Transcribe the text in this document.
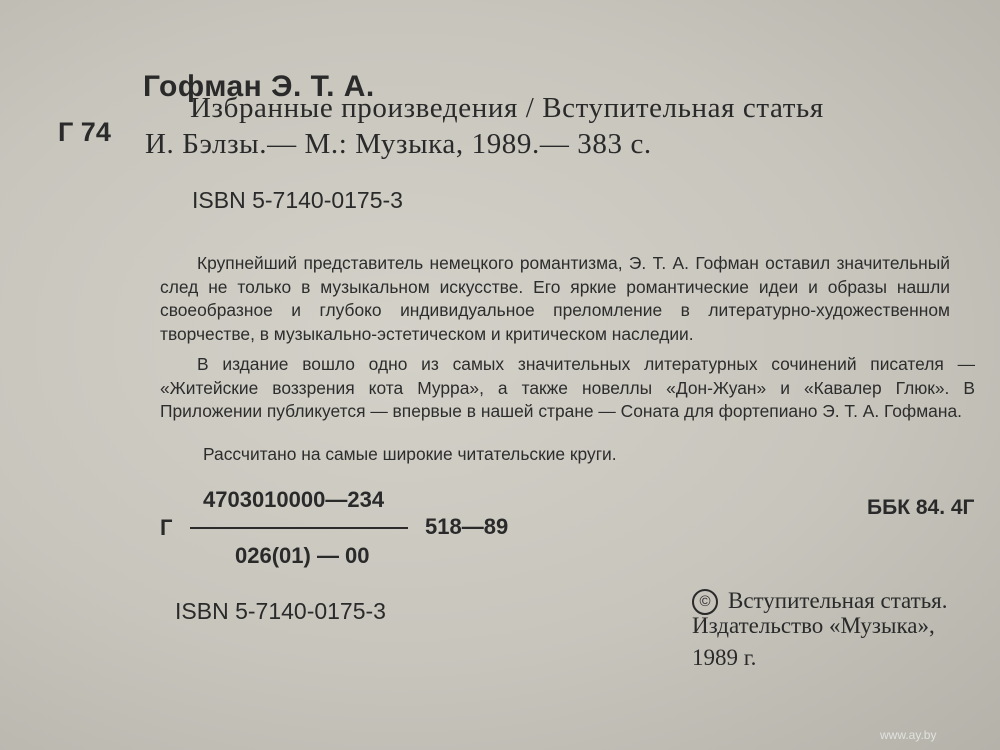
Гофман Э. Т. А.
Г 74
Избранные произведения / Вступительная статья
И. Бэлзы.— М.: Музыка, 1989.— 383 с.
ISBN 5-7140-0175-3
Крупнейший представитель немецкого романтизма, Э. Т. А. Гофман оставил значительный след не только в музыкальном искусстве. Его яркие романтические идеи и образы нашли своеобразное и глубоко индивидуальное преломление в литературно-художественном творчестве, в музыкально-эстетическом и критическом наследии.
В издание вошло одно из самых значительных литературных сочинений писателя — «Житейские воззрения кота Мурра», а также новеллы «Дон-Жуан» и «Кавалер Глюк». В Приложении публикуется — впервые в нашей стране — Соната для фортепиано Э. Т. А. Гофмана.
Рассчитано на самые широкие читательские круги.
4703010000—234
Г	518—89
026(01) — 00
ББК 84. 4Г
ISBN 5-7140-0175-3	© Вступительная статья.
Издательство «Музыка»,
1989 г.
www.ay.by
